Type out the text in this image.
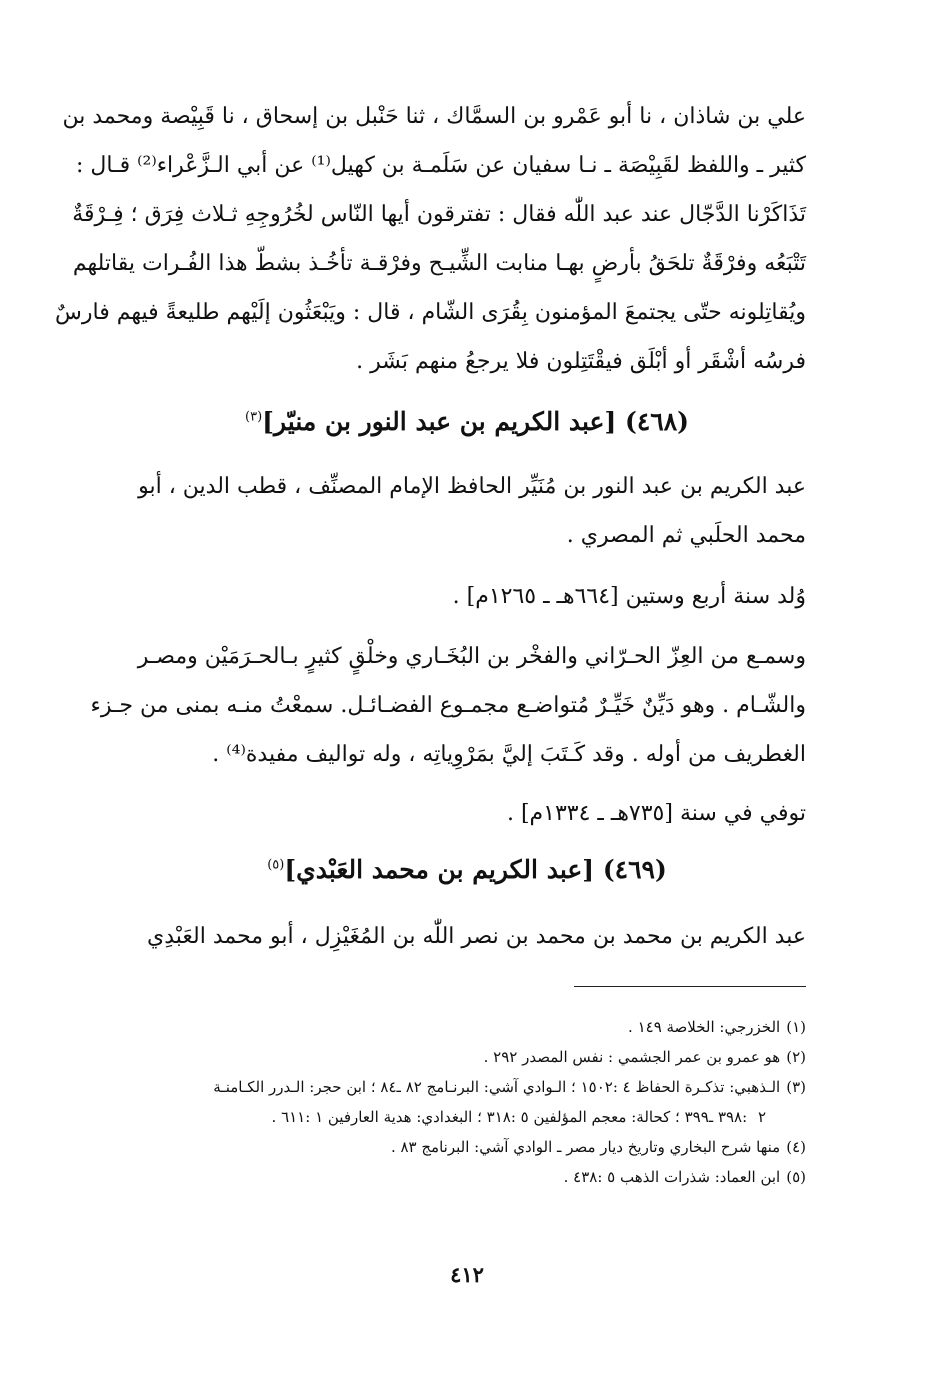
علي بن شاذان ، نا أبو عَمْرو بن السمَّاك ، ثنا حَنْبل بن إسحاق ، نا قَبِيْصة ومحمد بن
كثير ـ واللفظ لقَبِيْصَة ـ نـا سفيان عن سَلَمـة بن كهيل⁽¹⁾ عن أبي الـزَّعْراء⁽²⁾ قـال :
تَذَاكَرْنا الدَّجّال عند عبد اللّٰه فقال : تفترقون أيها النّاس لخُرُوجِهِ ثـلاث فِرَق ؛ فِـرْقَةٌ
تَتْبَعُه وفرْقَةٌ تلحَقُ بأرضٍ بهـا منابت الشِّيـح وفرْقـة تأخُـذ بشطّ هذا الفُـرات يقاتلهم
ويُقاتِلونه حتّى يجتمعَ المؤمنون بِقُرَى الشّام ، قال : ويَبْعَثُون إلَيْهم طليعةً فيهم فارسٌ
فرسُه أشْقَر أو أبْلَق فيقْتَتِلون فلا يرجعُ منهم بَشَر .
(٤٦٨) [عبد الكريم بن عبد النور بن منيّر]$^{(٣)}$
عبد الكريم بن عبد النور بن مُنَيِّر الحافظ الإمام المصنِّف ، قطب الدين ، أبو
محمد الحلَبي ثم المصري .
وُلد سنة أربع وستين [٦٦٤هـ ـ ١٢٦٥م] .
وسمـع من العِزّ الحـرّاني والفخْر بن البُخَـاري وخلْقٍ كثيرٍ بـالحـرَمَيْن ومصـر
والشّـام . وهو دَيِّنٌ خَيِّـرٌ مُتواضـع مجمـوع الفضـائـل. سمعْتُ منـه بمنى من جـزء
الغطريف من أوله . وقد كَـتَبَ إليَّ بمَرْوِياتِه ، وله تواليف مفيدة⁽⁴⁾ .
توفي في سنة [٧٣٥هـ ـ ١٣٣٤م] .
(٤٦٩) [عبد الكريم بن محمد العَبْدي]$^{(٥)}$
عبد الكريم بن محمد بن محمد بن نصر اللّٰه بن المُغَيْزِل ، أبو محمد العَبْدِي
(١)الخزرجي: الخلاصة ١٤٩ .
(٢)هو عمرو بن عمر الجشمي : نفس المصدر ٢٩٢ .
(٣)الـذهبي: تذكـرة الحفاظ ٤ :١٥٠٢ ؛ الـوادي آشي: البرنـامج ٨٢ ـ٨٤ ؛ ابن حجر: الـدرر الكـامنـة
٢ :٣٩٨ ـ٣٩٩ ؛ كحالة: معجم المؤلفين ٥ :٣١٨ ؛ البغدادي: هدية العارفين ١ :٦١١ .
(٤)منها شرح البخاري وتاريخ ديار مصر ـ الوادي آشي: البرنامج ٨٣ .
(٥)ابن العماد: شذرات الذهب ٥ :٤٣٨ .
٤١٢
